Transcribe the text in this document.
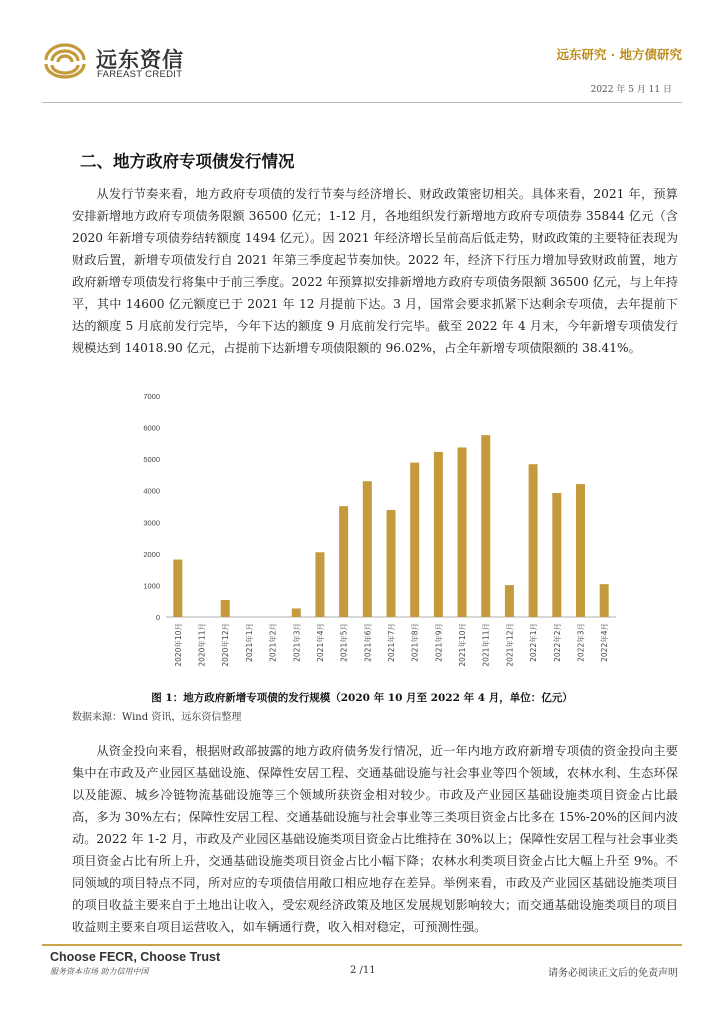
远东资信
FAREAST CREDIT
远东研究 · 地方债研究
2022 年 5 月 11 日
二、地方政府专项债发行情况
从发行节奏来看，地方政府专项债的发行节奏与经济增长、财政政策密切相关。具体来看，2021 年，预算安排新增地方政府专项债务限额 36500 亿元；1-12 月，各地组织发行新增地方政府专项债券 35844 亿元（含 2020 年新增专项债券结转额度 1494 亿元）。因 2021 年经济增长呈前高后低走势，财政政策的主要特征表现为财政后置，新增专项债发行自 2021 年第三季度起节奏加快。2022 年，经济下行压力增加导致财政前置，地方政府新增专项债发行将集中于前三季度。2022 年预算拟安排新增地方政府专项债务限额 36500 亿元，与上年持平，其中 14600 亿元额度已于 2021 年 12 月提前下达。3 月，国常会要求抓紧下达剩余专项债，去年提前下达的额度 5 月底前发行完毕，今年下达的额度 9 月底前发行完毕。截至 2022 年 4 月末，今年新增专项债发行规模达到 14018.90 亿元，占提前下达新增专项债限额的 96.02%，占全年新增专项债限额的 38.41%。
0
1000
2000
3000
4000
5000
6000
7000
2020年10月 2020年11月 2020年12月 2021年1月 2021年2月 2021年3月 2021年4月 2021年5月 2021年6月 2021年7月 2021年8月 2021年9月 2021年10月 2021年11月 2021年12月 2022年1月 2022年2月 2022年3月 2022年4月
图 1：地方政府新增专项债的发行规模（2020 年 10 月至 2022 年 4 月，单位：亿元）
数据来源：Wind 资讯，远东资信整理
从资金投向来看，根据财政部披露的地方政府债务发行情况，近一年内地方政府新增专项债的资金投向主要集中在市政及产业园区基础设施、保障性安居工程、交通基础设施与社会事业等四个领域，农林水利、生态环保以及能源、城乡冷链物流基础设施等三个领域所获资金相对较少。市政及产业园区基础设施类项目资金占比最高，多为 30%左右；保障性安居工程、交通基础设施与社会事业等三类项目资金占比多在 15%-20%的区间内波动。2022 年 1-2 月，市政及产业园区基础设施类项目资金占比维持在 30%以上；保障性安居工程与社会事业类项目资金占比有所上升，交通基础设施类项目资金占比小幅下降；农林水利类项目资金占比大幅上升至 9%。不同领域的项目特点不同，所对应的专项债信用敞口相应地存在差异。举例来看，市政及产业园区基础设施类项目的项目收益主要来自于土地出让收入，受宏观经济政策及地区发展规划影响较大；而交通基础设施类项目的项目收益则主要来自项目运营收入，如车辆通行费，收入相对稳定，可预测性强。
Choose FECR, Choose Trust
服务资本市场 助力信用中国	2 /11	请务必阅读正文后的免责声明
